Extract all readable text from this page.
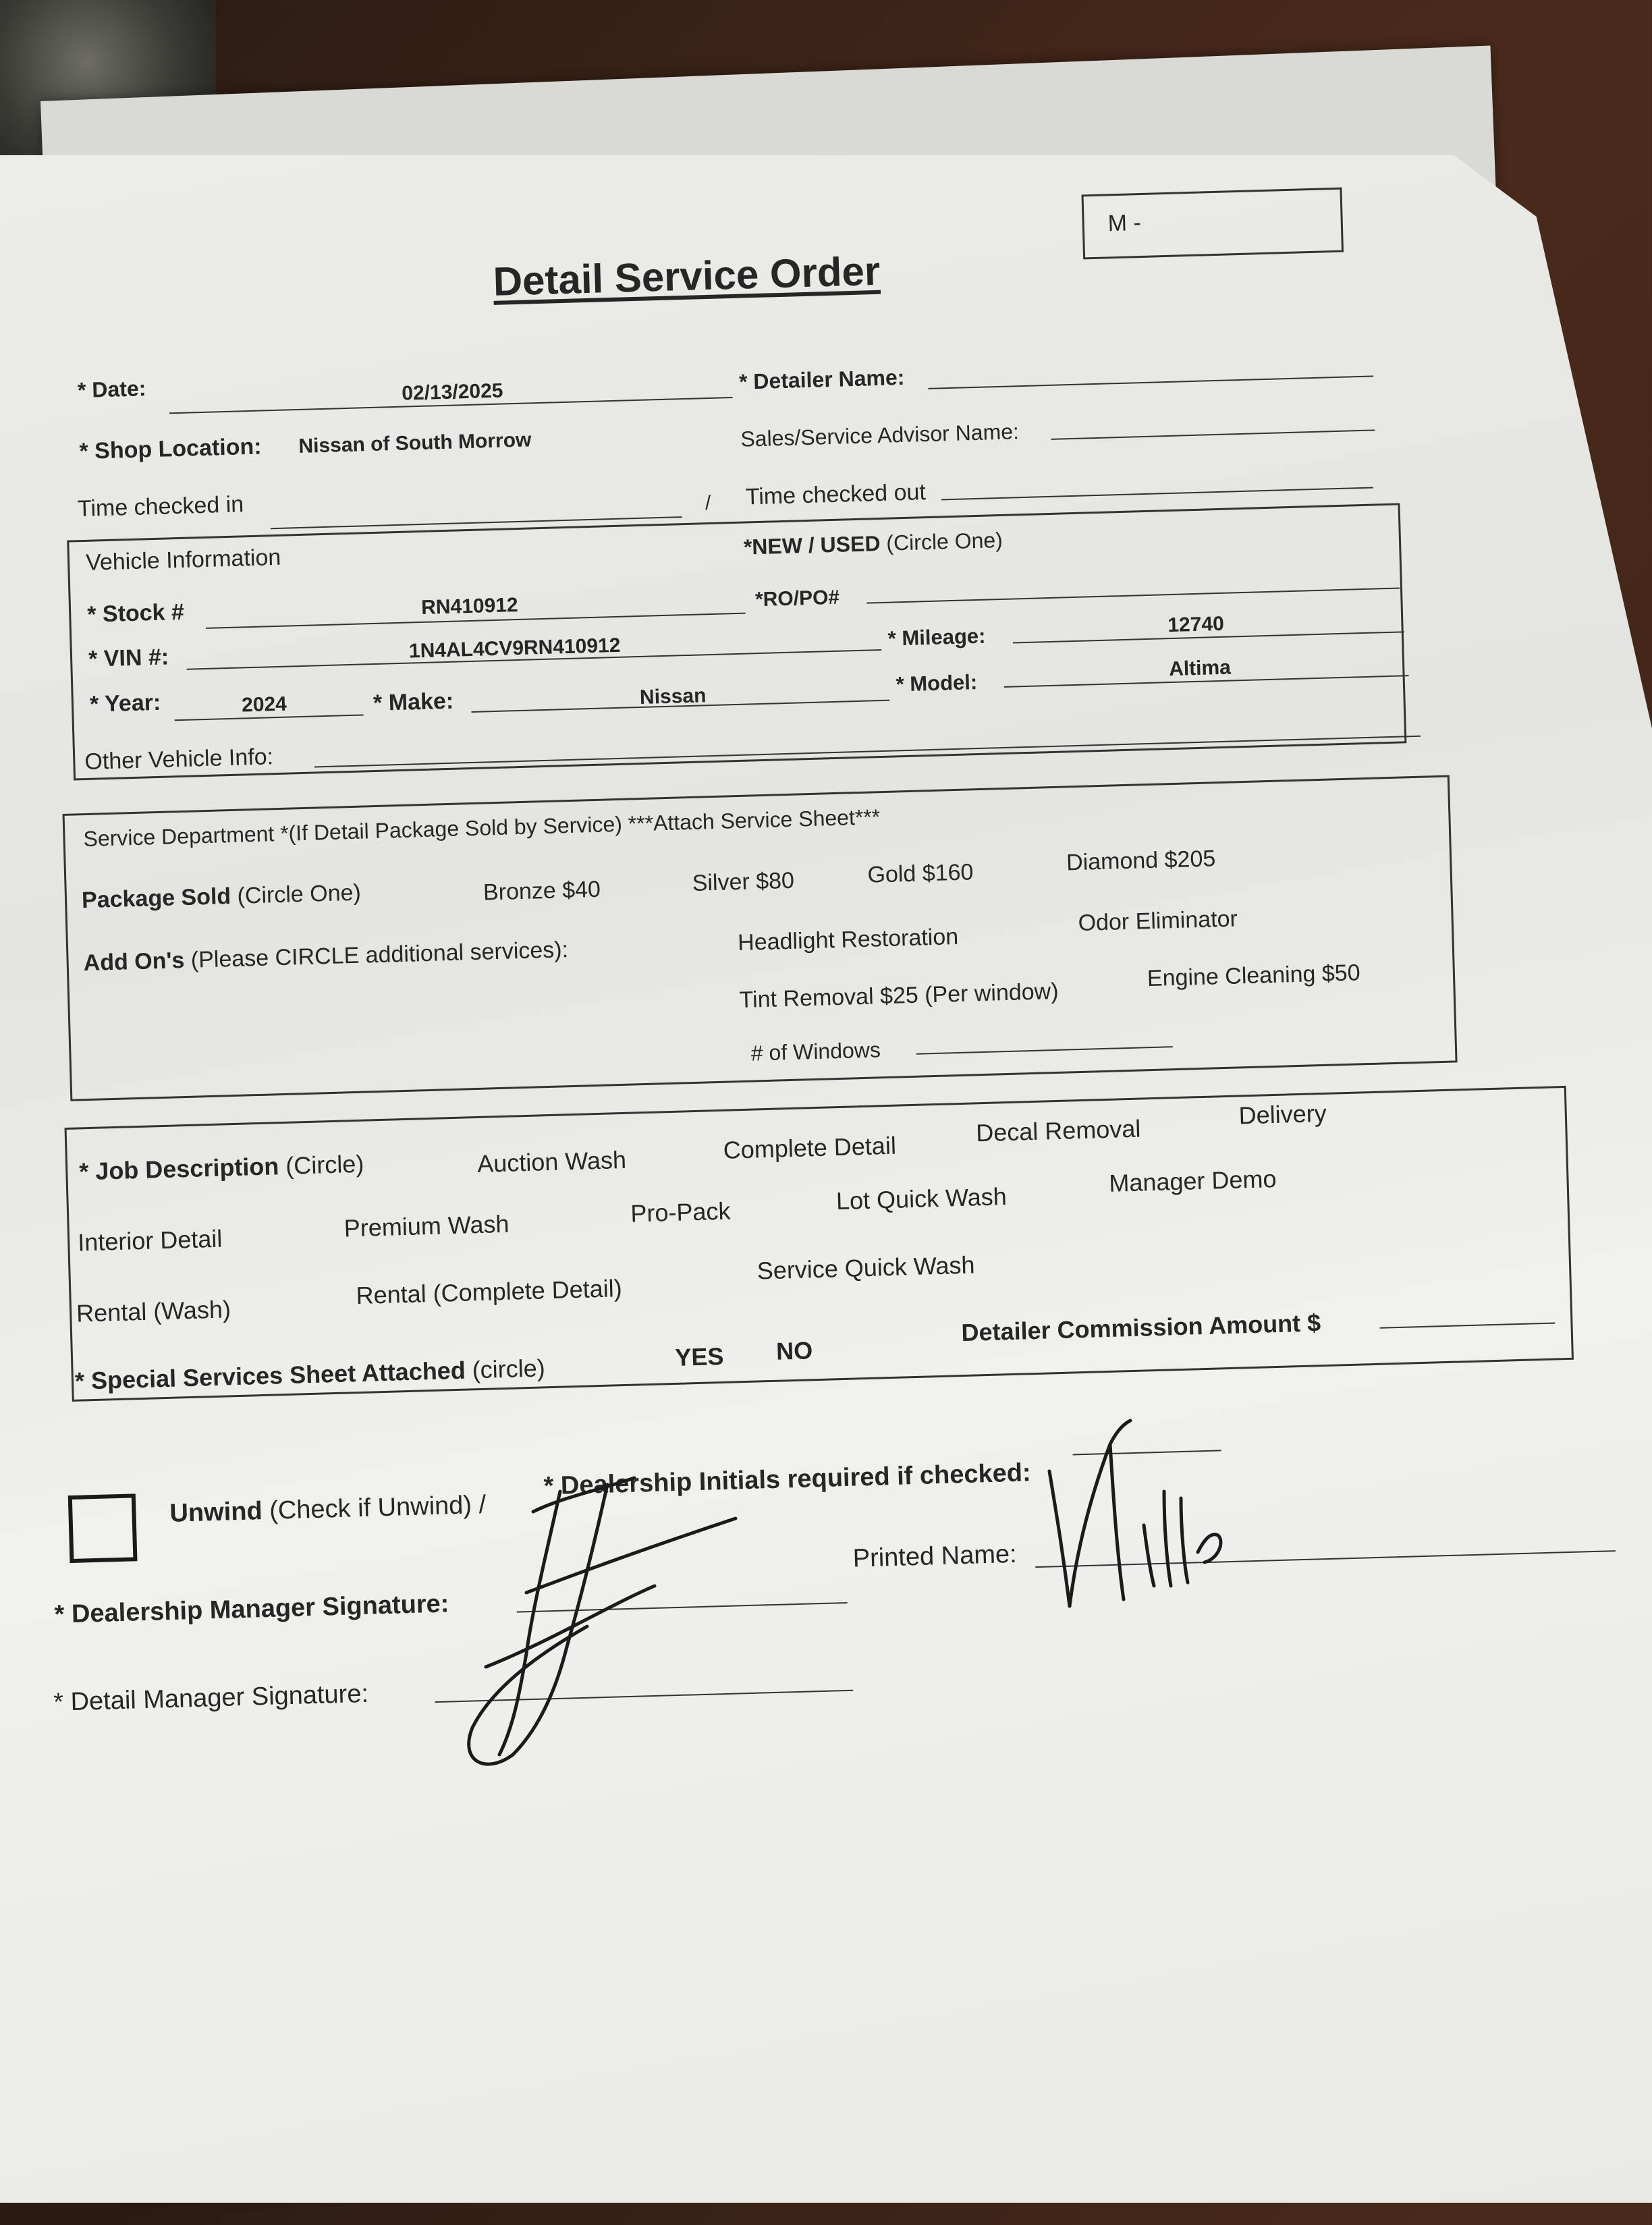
M -
Detail Service Order
* Date:	02/13/2025	* Detailer Name:
* Shop Location: Nissan of South Morrow	Sales/Service Advisor Name:
Time checked in	/ Time checked out
Vehicle Information	*NEW / USED (Circle One)
* Stock #	RN410912	*RO/PO#
* VIN #:	1N4AL4CV9RN410912	* Mileage:	12740
* Year:	2024	* Make:	Nissan
* Model:
Altima
Other Vehicle Info:
Service Department *(If Detail Package Sold by Service) ***Attach Service Sheet***
Package Sold (Circle One)	Bronze $40	Silver $80	Gold $160	Diamond $205
Add On's (Please CIRCLE additional services):	Headlight Restoration
Odor Eliminator
Tint Removal $25 (Per window)
Engine Cleaning $50
# of Windows
* Job Description (Circle)	Auction Wash	Complete Detail
Decal Removal
Delivery
Interior Detail	Premium Wash	Pro-Pack	Lot Quick Wash
Manager Demo
Rental (Wash)
Rental (Complete Detail)
Service Quick Wash
* Special Services Sheet Attached (circle)	YES NO
Detailer Commission Amount $
Unwind (Check if Unwind) /
* Dealership Initials required if checked:
Printed Name:
* Dealership Manager Signature:
* Detail Manager Signature:
